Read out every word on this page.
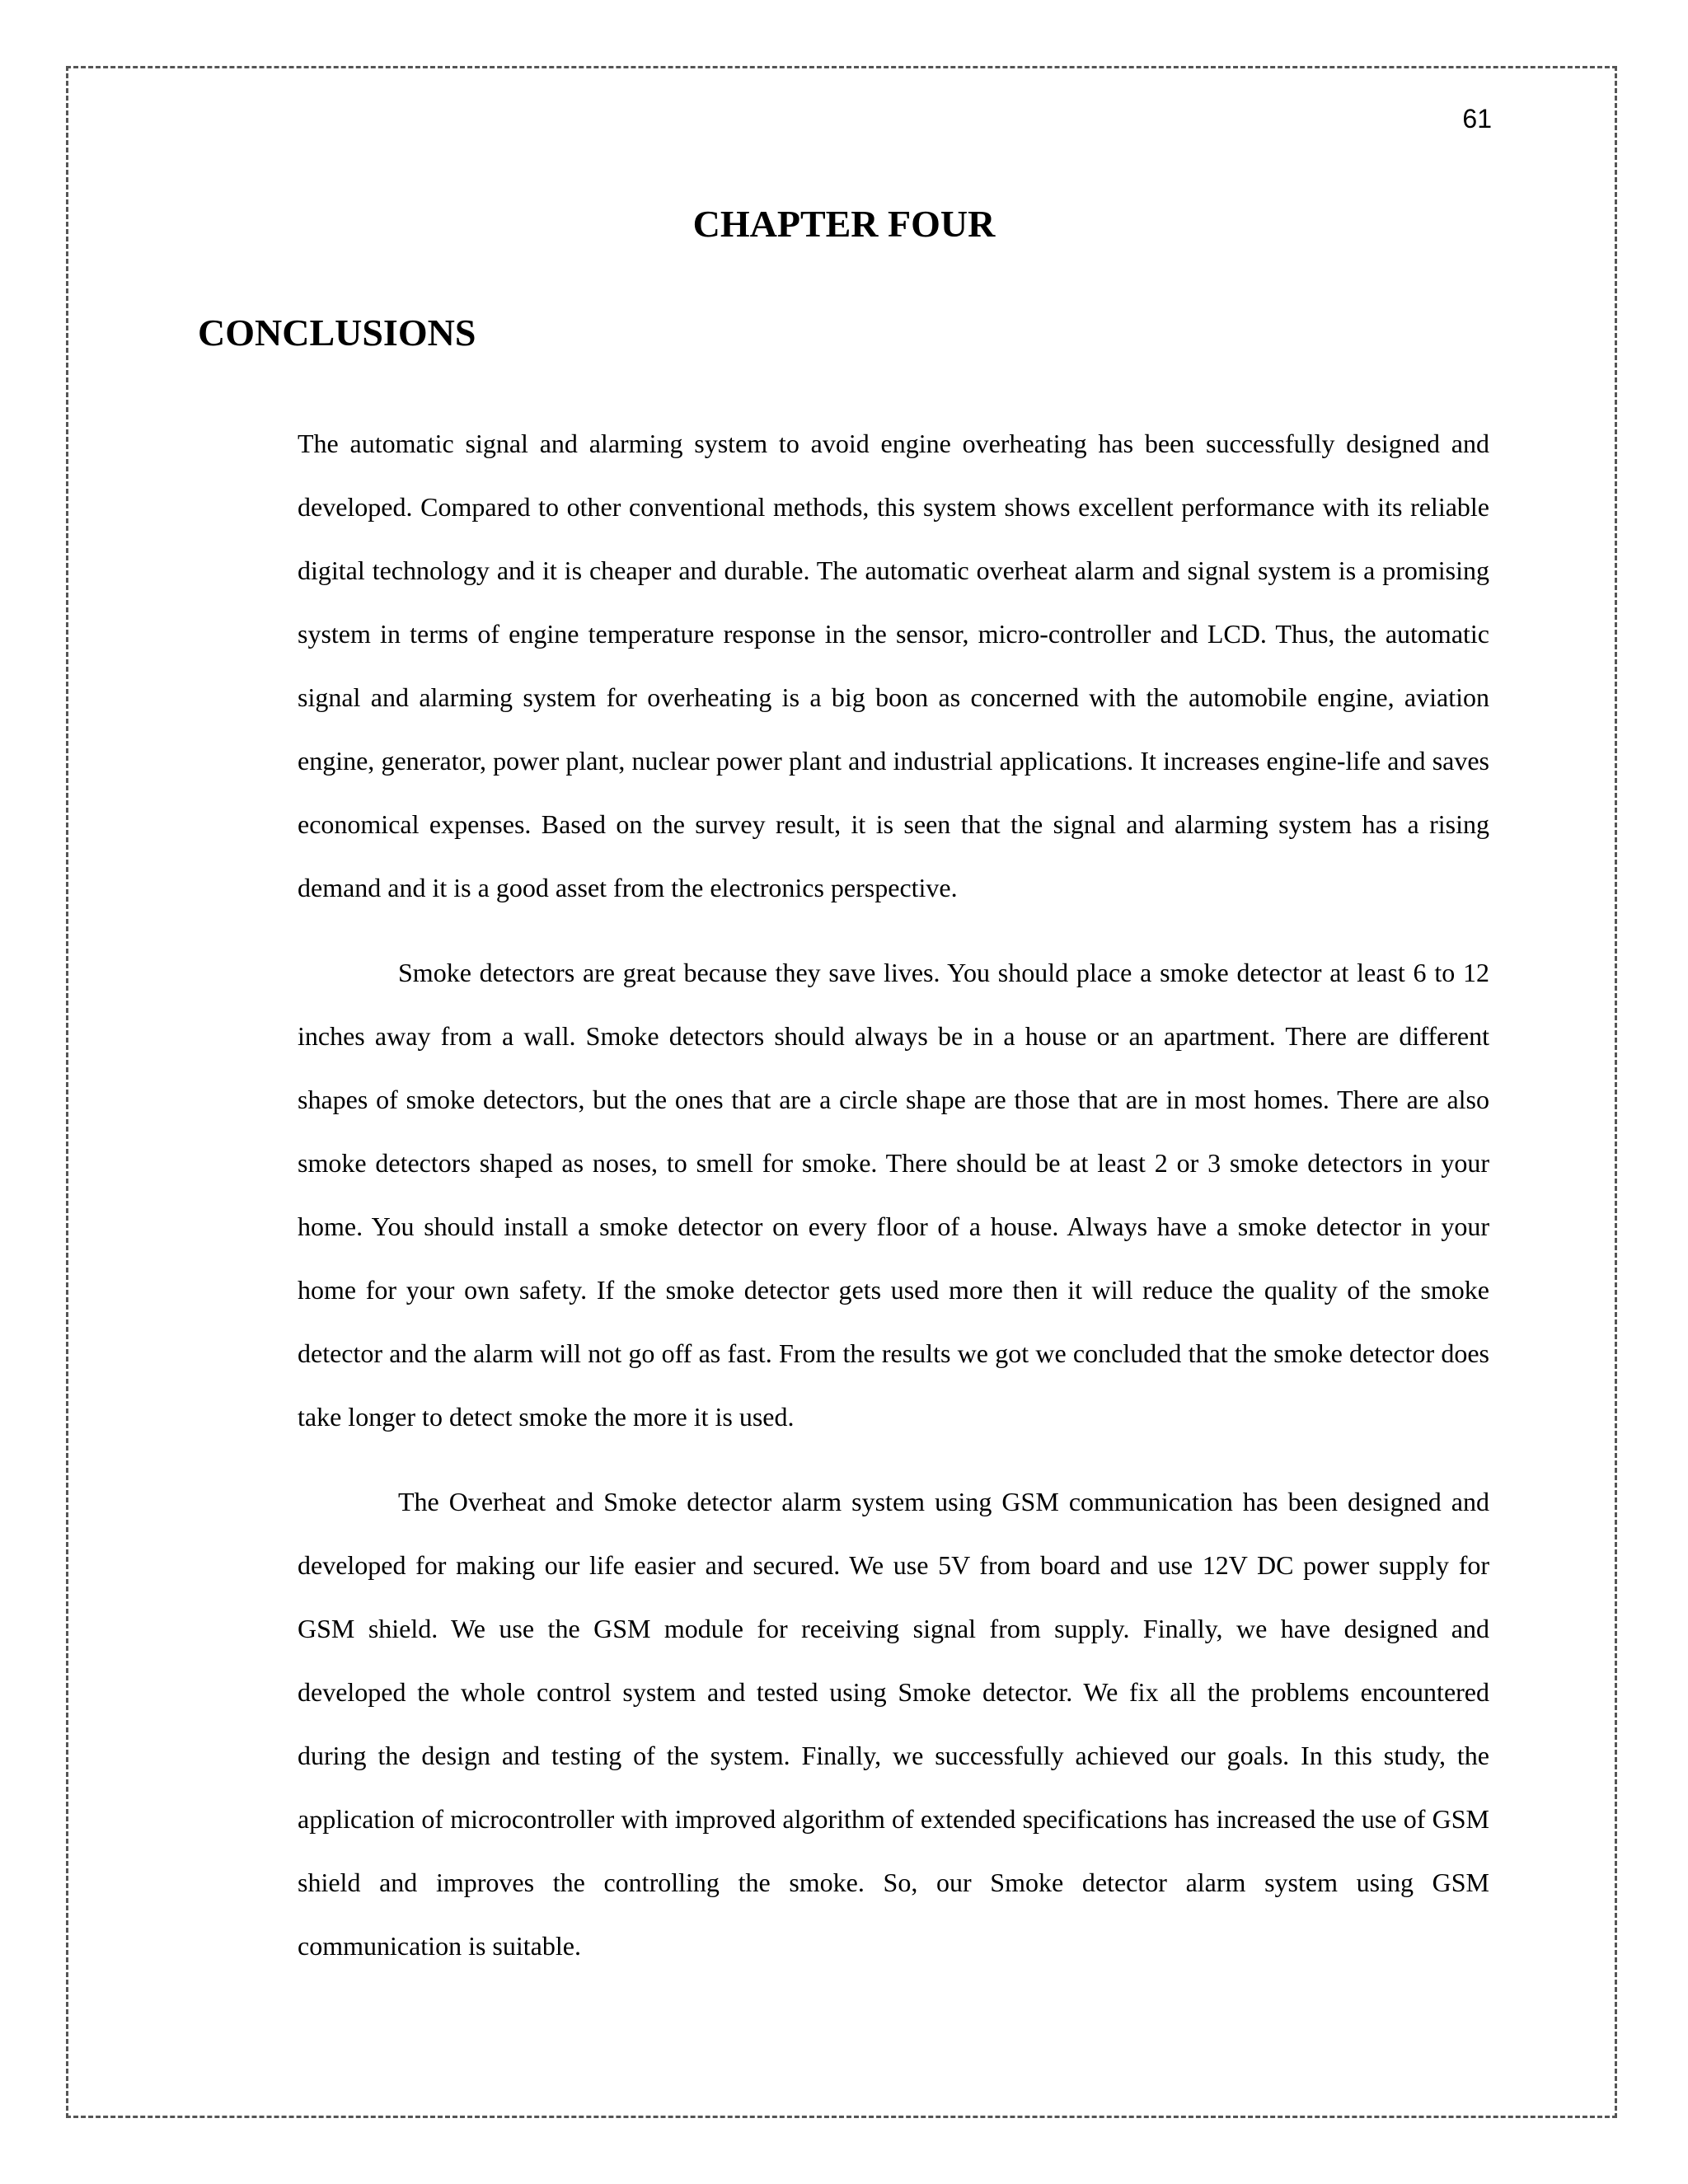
61

CHAPTER FOUR
CONCLUSIONS

The automatic signal and alarming system to avoid engine overheating has been successfully designed and developed. Compared to other conventional methods, this system shows excellent performance with its reliable digital technology and it is cheaper and durable. The automatic overheat alarm and signal system is a promising system in terms of engine temperature response in the sensor, micro-controller and LCD. Thus, the automatic signal and alarming system for overheating is a big boon as concerned with the automobile engine, aviation engine, generator, power plant, nuclear power plant and industrial applications. It increases engine-life and saves economical expenses. Based on the survey result, it is seen that the signal and alarming system has a rising demand and it is a good asset from the electronics perspective.

Smoke detectors are great because they save lives. You should place a smoke detector at least 6 to 12 inches away from a wall. Smoke detectors should always be in a house or an apartment. There are different shapes of smoke detectors, but the ones that are a circle shape are those that are in most homes. There are also smoke detectors shaped as noses, to smell for smoke. There should be at least 2 or 3 smoke detectors in your home. You should install a smoke detector on every floor of a house. Always have a smoke detector in your home for your own safety. If the smoke detector gets used more then it will reduce the quality of the smoke detector and the alarm will not go off as fast. From the results we got we concluded that the smoke detector does take longer to detect smoke the more it is used.

The Overheat and Smoke detector alarm system using GSM communication has been designed and developed for making our life easier and secured. We use 5V from board and use 12V DC power supply for GSM shield. We use the GSM module for receiving signal from supply. Finally, we have designed and developed the whole control system and tested using Smoke detector. We fix all the problems encountered during the design and testing of the system. Finally, we successfully achieved our goals. In this study, the application of microcontroller with improved algorithm of extended specifications has increased the use of GSM shield and improves the controlling the smoke. So, our Smoke detector alarm system using GSM communication is suitable.
